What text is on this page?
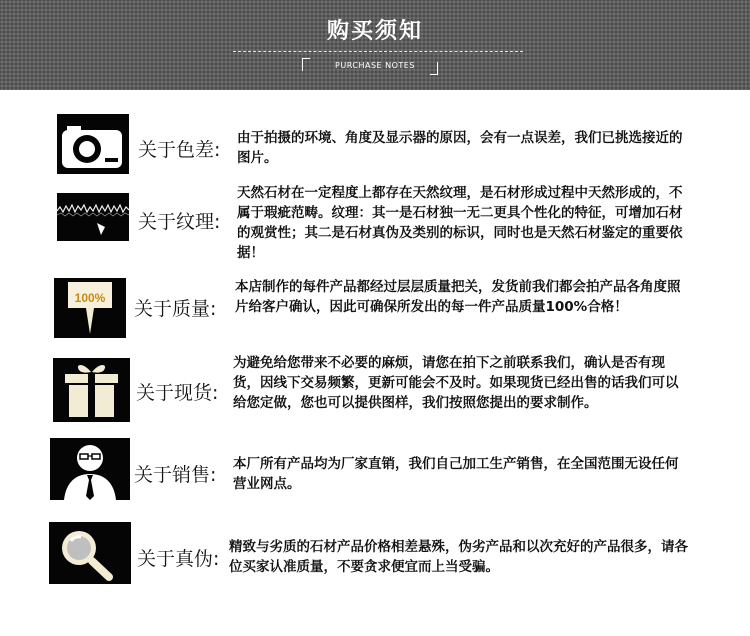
购买须知
PURCHASE NOTES
关于色差:
由于拍摄的环境、角度及显示器的原因，会有一点误差，我们已挑选接近的图片。
关于纹理:
天然石材在一定程度上都存在天然纹理，是石材形成过程中天然形成的，不属于瑕疵范畴。纹理：其一是石材独一无二更具个性化的特征，可增加石材的观赏性；其二是石材真伪及类别的标识，同时也是天然石材鉴定的重要依据！
100% 关于质量:
本店制作的每件产品都经过层层质量把关，发货前我们都会拍产品各角度照片给客户确认，因此可确保所发出的每一件产品质量100%合格！
关于现货:
为避免给您带来不必要的麻烦，请您在拍下之前联系我们，确认是否有现货，因线下交易频繁，更新可能会不及时。如果现货已经出售的话我们可以给您定做，您也可以提供图样，我们按照您提出的要求制作。
关于销售: 本厂所有产品均为厂家直销，我们自己加工生产销售，在全国范围无设任何营业网点。
关于真伪:
精致与劣质的石材产品价格相差悬殊，伪劣产品和以次充好的产品很多，请各位买家认准质量，不要贪求便宜而上当受骗。
